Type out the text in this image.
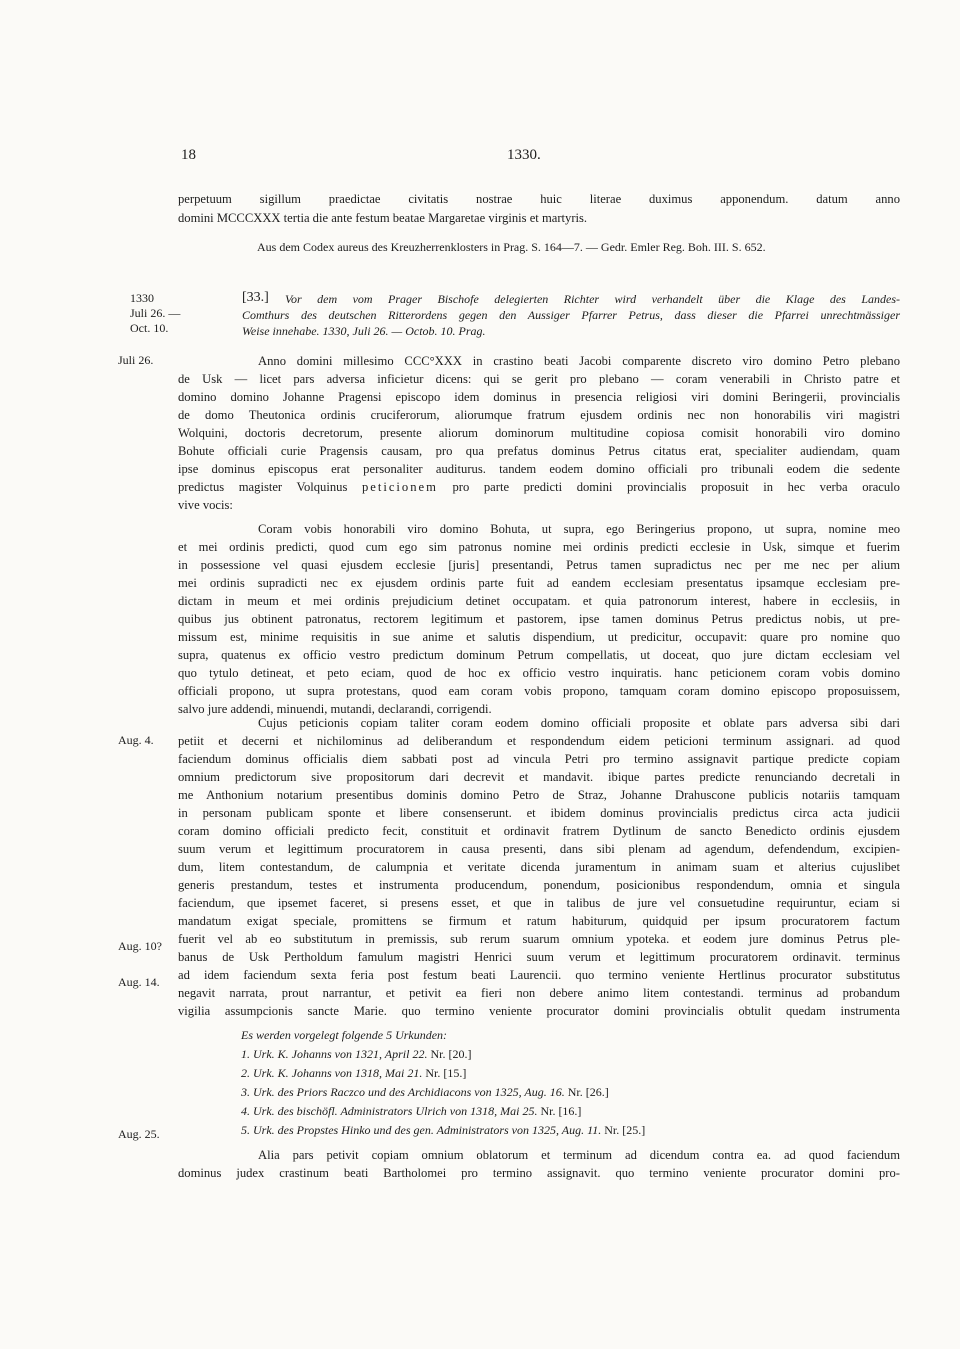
18	1330.
perpetuum sigillum praedictae civitatis nostrae huic literae duximus apponendum. datum anno
domini MCCCXXX tertia die ante festum beatae Margaretae virginis et martyris.
Aus dem Codex aureus des Kreuzherrenklosters in Prag. S. 164—7. — Gedr. Emler Reg. Boh. III. S. 652.
1330
Juli 26. —
Oct. 10.
[33.] Vor dem vom Prager Bischofe delegierten Richter wird verhandelt über die Klage des Landes-
Comthurs des deutschen Ritterordens gegen den Aussiger Pfarrer Petrus, dass dieser die Pfarrei unrechtmässiger
Weise innehabe. 1330, Juli 26. — Octob. 10. Prag.
Juli 26.
Aug. 4.
Aug. 10?
Aug. 14.
Aug. 25.
Anno domini millesimo CCC°XXX in crastino beati Jacobi comparente discreto viro domino Petro plebano
de Usk — licet pars adversa inficietur dicens: qui se gerit pro plebano — coram venerabili in Christo patre et
domino domino Johanne Pragensi episcopo idem dominus in presencia religiosi viri domini Beringerii, provincialis
de domo Theutonica ordinis cruciferorum, aliorumque fratrum ejusdem ordinis nec non honorabilis viri magistri
Wolquini, doctoris decretorum, presente aliorum dominorum multitudine copiosa comisit honorabili viro domino
Bohute officiali curie Pragensis causam, pro qua prefatus dominus Petrus citatus erat, specialiter audiendam, quam
ipse dominus episcopus erat personaliter auditurus. tandem eodem domino officiali pro tribunali eodem die sedente
predictus magister Volquinus peticionem pro parte predicti domini provincialis proposuit in hec verba oraculo
vive vocis:
Coram vobis honorabili viro domino Bohuta, ut supra, ego Beringerius propono, ut supra, nomine meo
et mei ordinis predicti, quod cum ego sim patronus nomine mei ordinis predicti ecclesie in Usk, simque et fuerim
in possessione vel quasi ejusdem ecclesie [juris] presentandi, Petrus tamen supradictus nec per me nec per alium
mei ordinis supradicti nec ex ejusdem ordinis parte fuit ad eandem ecclesiam presentatus ipsamque ecclesiam pre-
dictam in meum et mei ordinis prejudicium detinet occupatam. et quia patronorum interest, habere in ecclesiis, in
quibus jus obtinent patronatus, rectorem legitimum et pastorem, ipse tamen dominus Petrus predictus nobis, ut pre-
missum est, minime requisitis in sue anime et salutis dispendium, ut predicitur, occupavit: quare pro nomine quo
supra, quatenus ex officio vestro predictum dominum Petrum compellatis, ut doceat, quo jure dictam ecclesiam vel
quo tytulo detineat, et peto eciam, quod de hoc ex officio vestro inquiratis. hanc peticionem coram vobis domino
officiali propono, ut supra protestans, quod eam coram vobis propono, tamquam coram domino episcopo proposuissem,
salvo jure addendi, minuendi, mutandi, declarandi, corrigendi.
Cujus peticionis copiam taliter coram eodem domino officiali proposite et oblate pars adversa sibi dari
petiit et decerni et nichilominus ad deliberandum et respondendum eidem peticioni terminum assignari. ad quod
faciendum dominus officialis diem sabbati post ad vincula Petri pro termino assignavit partique predicte copiam
omnium predictorum sive propositorum dari decrevit et mandavit. ibique partes predicte renunciando decretali in
me Anthonium notarium presentibus dominis domino Petro de Straz, Johanne Drahuscone publicis notariis tamquam
in personam publicam sponte et libere consenserunt. et ibidem dominus provincialis predictus circa acta judicii
coram domino officiali predicto fecit, constituit et ordinavit fratrem Dytlinum de sancto Benedicto ordinis ejusdem
suum verum et legittimum procuratorem in causa presenti, dans sibi plenam ad agendum, defendendum, excipien-
dum, litem contestandum, de calumpnia et veritate dicenda juramentum in animam suam et alterius cujuslibet
generis prestandum, testes et instrumenta producendum, ponendum, posicionibus respondendum, omnia et singula
faciendum, que ipsemet faceret, si presens esset, et que in talibus de jure vel consuetudine requiruntur, eciam si
mandatum exigat speciale, promittens se firmum et ratum habiturum, quidquid per ipsum procuratorem factum
fuerit vel ab eo substitutum in premissis, sub rerum suarum omnium ypoteka. et eodem jure dominus Petrus ple-
banus de Usk Pertholdum famulum magistri Henrici suum verum et legittimum procuratorem ordinavit. terminus
ad idem faciendum sexta feria post festum beati Laurencii. quo termino veniente Hertlinus procurator substitutus
negavit narrata, prout narrantur, et petivit ea fieri non debere animo litem contestandi. terminus ad probandum
vigilia assumpcionis sancte Marie. quo termino veniente procurator domini provincialis obtulit quedam instrumenta
Es werden vorgelegt folgende 5 Urkunden:
1. Urk. K. Johanns von 1321, April 22. Nr. [20.]
2. Urk. K. Johanns von 1318, Mai 21. Nr. [15.]
3. Urk. des Priors Raczco und des Archidiacons von 1325, Aug. 16. Nr. [26.]
4. Urk. des bischöfl. Administrators Ulrich von 1318, Mai 25. Nr. [16.]
5. Urk. des Propstes Hinko und des gen. Administrators von 1325, Aug. 11. Nr. [25.]
Alia pars petivit copiam omnium oblatorum et terminum ad dicendum contra ea. ad quod faciendum
dominus judex crastinum beati Bartholomei pro termino assignavit. quo termino veniente procurator domini pro-
